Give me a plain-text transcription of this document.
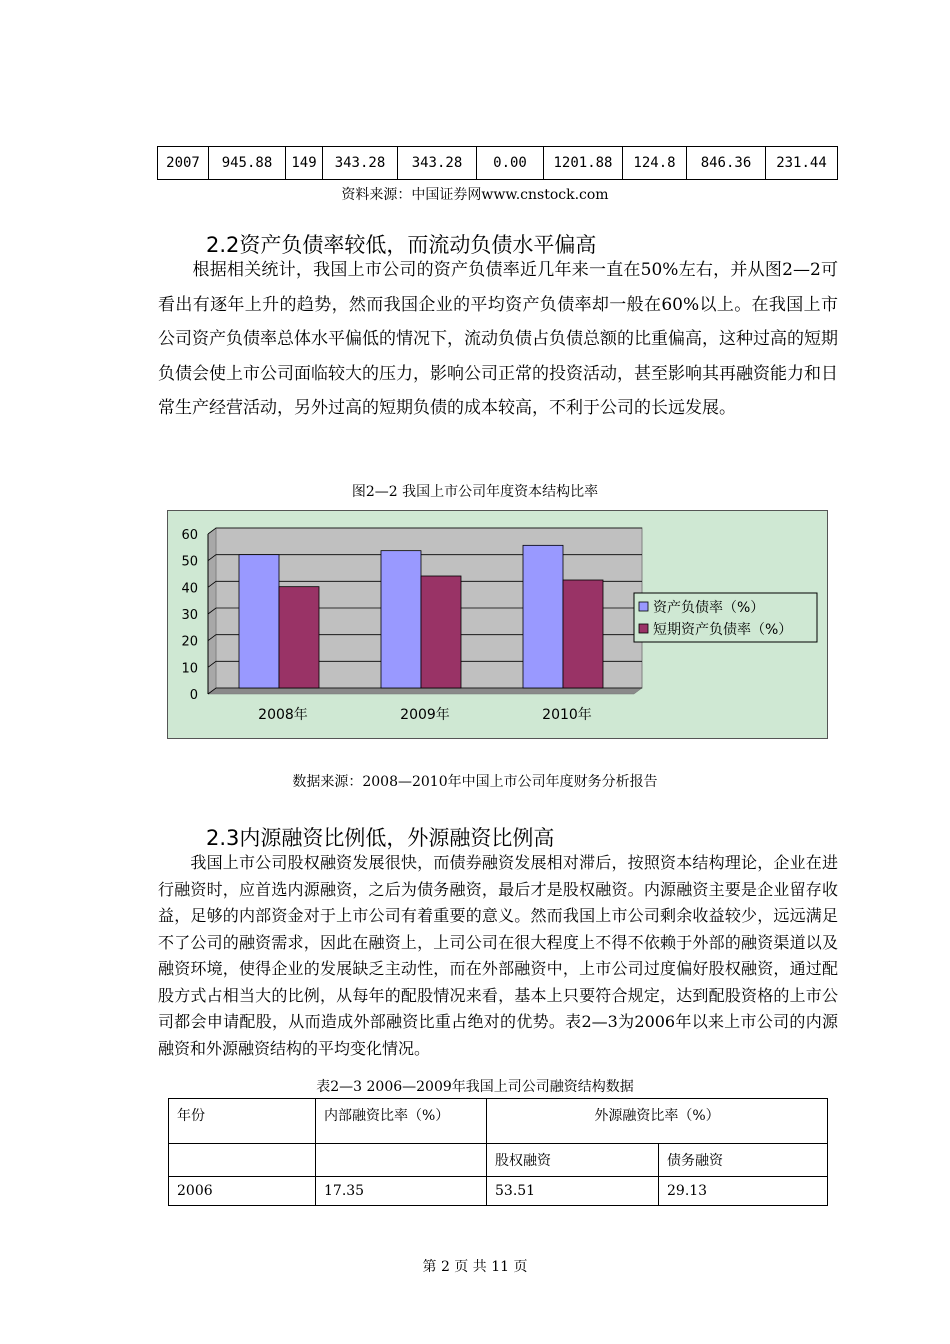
2007	945.88	149	343.28	343.28	0.00	1201.88	124.8	846.36	231.44
资料来源：中国证券网www.cnstock.com
2.2资产负债率较低，而流动负债水平偏高
　　根据相关统计，我国上市公司的资产负债率近几年来一直在50%左右，并从图2—2可看出有逐年上升的趋势，然而我国企业的平均资产负债率却一般在60%以上。在我国上市公司资产负债率总体水平偏低的情况下，流动负债占负债总额的比重偏高，这种过高的短期负债会使上市公司面临较大的压力，影响公司正常的投资活动，甚至影响其再融资能力和日常生产经营活动，另外过高的短期负债的成本较高，不利于公司的长远发展。
图2—2 我国上市公司年度资本结构比率
0
10
20
30
40
50
60
2008年	2009年	2010年
资产负债率（%）
短期资产负债率（%）
数据来源：2008—2010年中国上市公司年度财务分析报告
2.3内源融资比例低，外源融资比例高
　　我国上市公司股权融资发展很快，而债券融资发展相对滞后，按照资本结构理论，企业在进行融资时，应首选内源融资，之后为债务融资，最后才是股权融资。内源融资主要是企业留存收益，足够的内部资金对于上市公司有着重要的意义。然而我国上市公司剩余收益较少，远远满足不了公司的融资需求，因此在融资上，上司公司在很大程度上不得不依赖于外部的融资渠道以及融资环境，使得企业的发展缺乏主动性，而在外部融资中，上市公司过度偏好股权融资，通过配股方式占相当大的比例，从每年的配股情况来看，基本上只要符合规定，达到配股资格的上市公司都会申请配股，从而造成外部融资比重占绝对的优势。表2—3为2006年以来上市公司的内源融资和外源融资结构的平均变化情况。
表2—3 2006—2009年我国上司公司融资结构数据
年份	内部融资比率（%）	外源融资比率（%）	
		股权融资	债务融资
2006	17.35	53.51	29.13
第 2 页 共 11 页
